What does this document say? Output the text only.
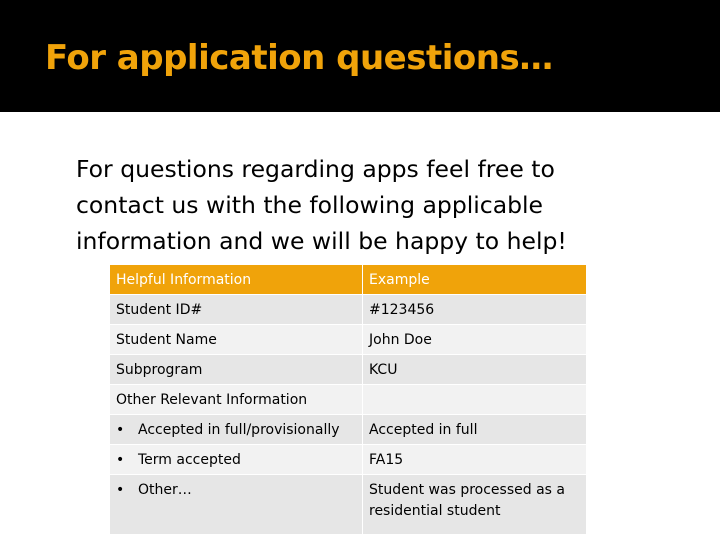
For application questions…
For questions regarding apps feel free to
contact us with the following applicable
information and we will be happy to help!
Helpful Information	Example
Student ID#	#123456
Student Name	John Doe
Subprogram	KCU
Other Relevant Information	
• Accepted in full/provisionally	Accepted in full
• Term accepted	FA15
• Other…	Student was processed as a residential student
